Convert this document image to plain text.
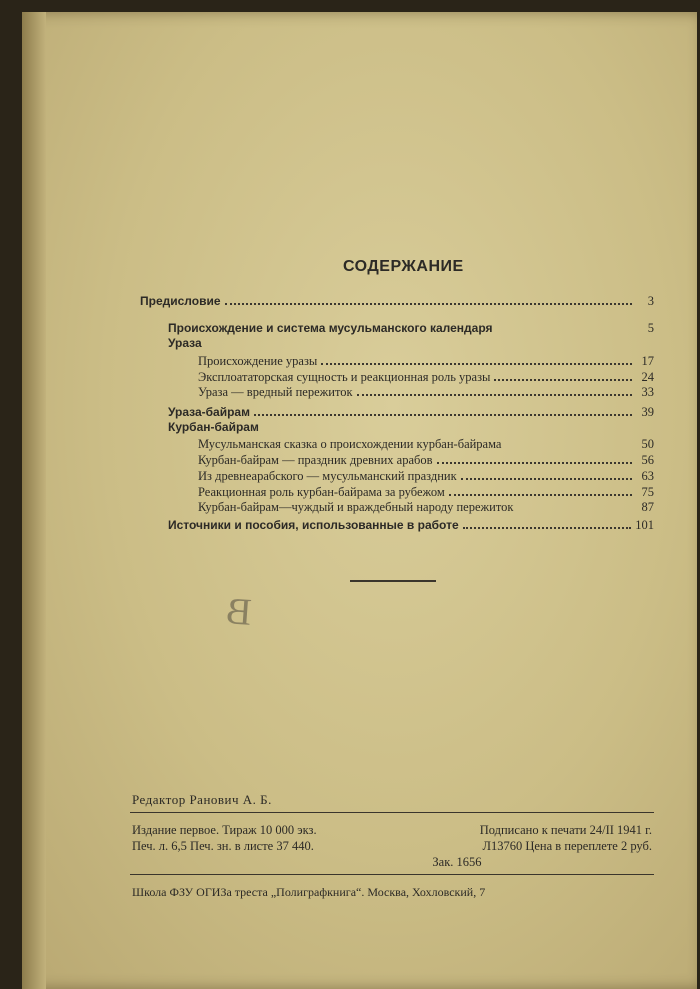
СОДЕРЖАНИЕ
Предисловие	3
Происхождение и система мусульманского календаря	5
Ураза
Происхождение уразы	17
Эксплоататорская сущность и реакционная роль уразы	24
Ураза — вредный пережиток	33
Ураза-байрам	39
Курбан-байрам
Мусульманская сказка о происхождении курбан-байрама	50
Курбан-байрам — праздник древних арабов	56
Из древнеарабского — мусульманский праздник	63
Реакционная роль курбан-байрама за рубежом	75
Курбан-байрам—чуждый и враждебный народу пережиток	87
Источники и пособия, использованные в работе	101
В
Редактор Ранович А. Б.
Издание первое. Тираж 10 000 экз.	Подписано к печати 24/II 1941 г.
Печ. л. 6,5 Печ. зн. в листе 37 440.	Л13760 Цена в переплете 2 руб.
Зак. 1656
Школа ФЗУ ОГИЗа треста „Полиграфкнига“. Москва, Хохловский, 7
